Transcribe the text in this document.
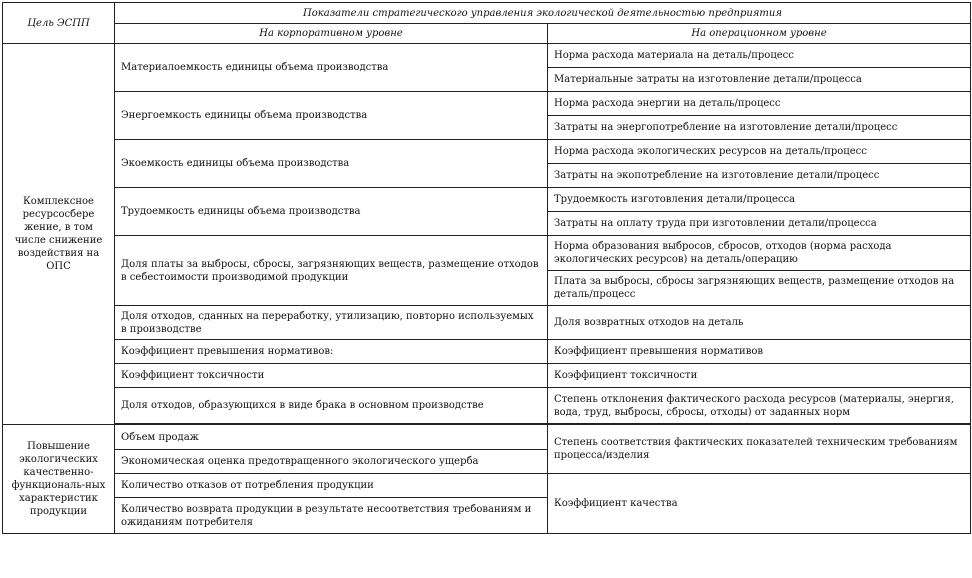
Цель ЭСПП	Показатели стратегического управления экологической деятельностью предприятия	
	На корпоративном уровне	На операционном уровне
Комплексное ресурсосбере жение, в том числе снижение воздействия на ОПС	Материалоемкость единицы объема производства	Норма расхода материала на деталь/процесс
		Материальные затраты на изготовление детали/процесса
	Энергоемкость единицы объема производства	Норма расхода энергии на деталь/процесс
		Затраты на энергопотребление на изготовление детали/процесс
	Экоемкость единицы объема производства	Норма расхода экологических ресурсов на деталь/процесс
		Затраты на экопотребление на изготовление детали/процесс
	Трудоемкость единицы объема производства	Трудоемкость изготовления детали/процесса
		Затраты на оплату труда при изготовлении детали/процесса
	Доля платы за выбросы, сбросы, загрязняющих веществ, размещение отходов в себестоимости производимой продукции	Норма образования выбросов, сбросов, отходов (норма расхода экологических ресурсов) на деталь/операцию
		Плата за выбросы, сбросы загрязняющих веществ, размещение отходов на деталь/процесс
	Доля отходов, сданных на переработку, утилизацию, повторно используемых в производстве	Доля возвратных отходов на деталь
	Коэффициент превышения нормативов:	Коэффициент превышения нормативов
	Коэффициент токсичности	Коэффициент токсичности
	Доля отходов, образующихся в виде брака в основном производстве	Степень отклонения фактического расхода ресурсов (материалы, энергия, вода, труд, выбросы, сбросы, отходы) от заданных норм

Повышение экологических качественно-функциональ-ных характеристик продукции	Объем продаж	Степень соответствия фактических показателей техническим требованиям процесса/изделия
	Экономическая оценка предотвращенного экологического ущерба	
	Количество отказов от потребления продукции	Коэффициент качества
	Количество возврата продукции в результате несоответствия требованиям и ожиданиям потребителя	
